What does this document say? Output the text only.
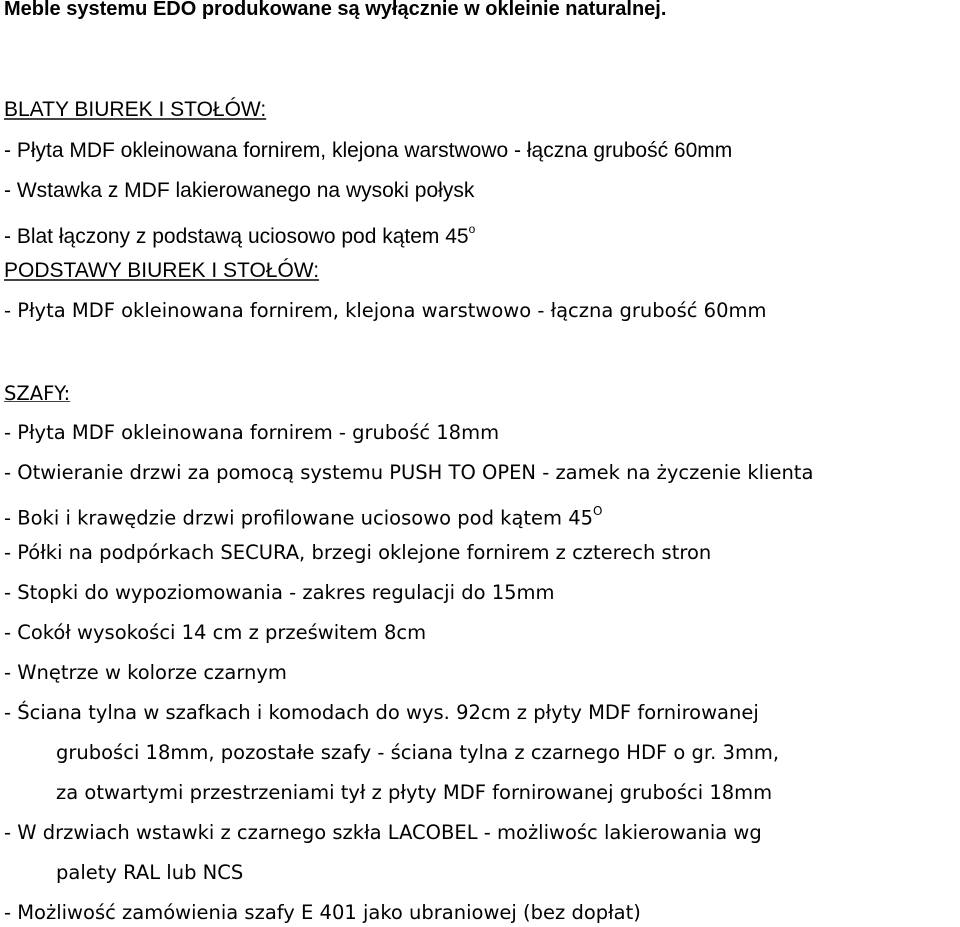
Meble systemu EDO produkowane są wyłącznie w okleinie naturalnej.
BLATY BIUREK I STOŁÓW:
- Płyta MDF okleinowana fornirem, klejona warstwowo - łączna grubość 60mm
- Wstawka z MDF lakierowanego na wysoki połysk
- Blat łączony z podstawą uciosowo pod kątem 45$^o$
PODSTAWY BIUREK I STOŁÓW:
- Płyta MDF okleinowana fornirem, klejona warstwowo - łączna grubość 60mm
SZAFY:
- Płyta MDF okleinowana fornirem - grubość 18mm
- Otwieranie drzwi za pomocą systemu PUSH TO OPEN - zamek na życzenie klienta
- Boki i krawędzie drzwi profilowane uciosowo pod kątem $45^O$
- Półki na podpórkach SECURA, brzegi oklejone fornirem z czterech stron
- Stopki do wypoziomowania - zakres regulacji do 15mm
- Cokół wysokości 14 cm z prześwitem 8cm
- Wnętrze w kolorze czarnym
- Ściana tylna w szafkach i komodach do wys. 92cm z płyty MDF fornirowanej
grubości 18mm, pozostałe szafy - ściana tylna z czarnego HDF o gr. 3mm,
za otwartymi przestrzeniami tył z płyty MDF fornirowanej grubości 18mm
- W drzwiach wstawki z czarnego szkła LACOBEL - możliwośc lakierowania wg
palety RAL lub NCS
- Możliwość zamówienia szafy E 401 jako ubraniowej (bez dopłat)
